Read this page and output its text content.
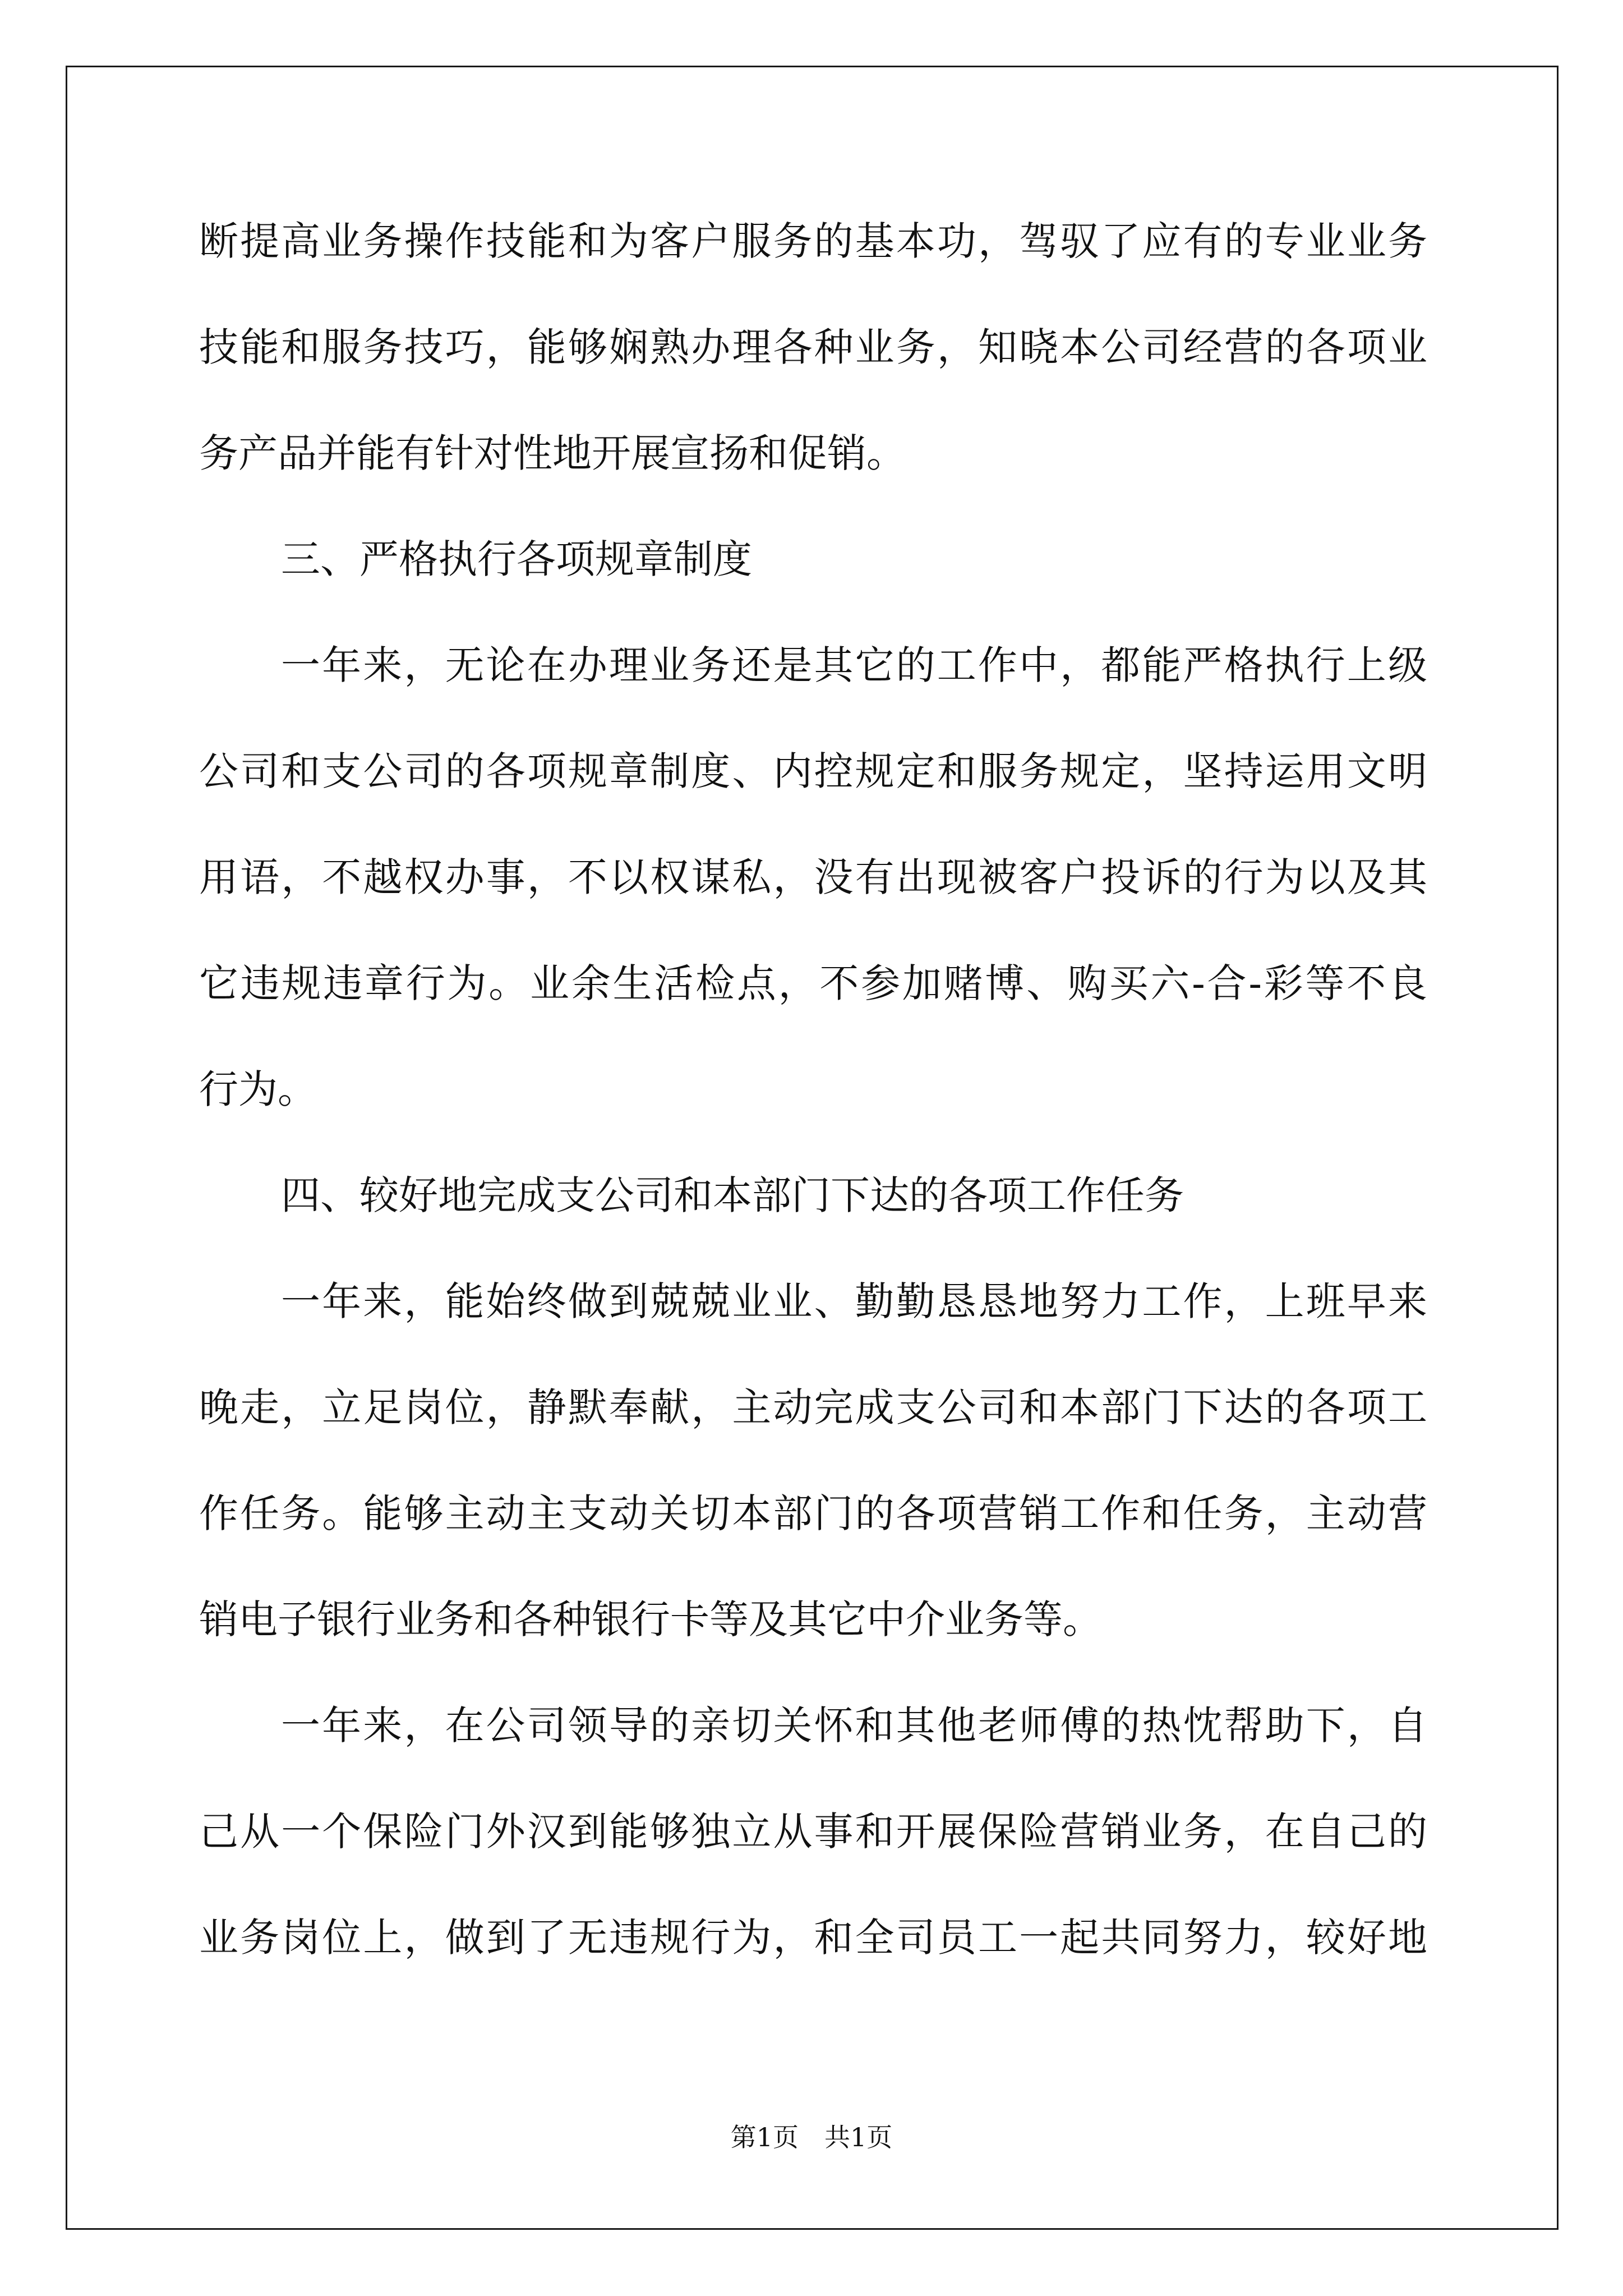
断提高业务操作技能和为客户服务的基本功，驾驭了应有的专业业务
技能和服务技巧，能够娴熟办理各种业务，知晓本公司经营的各项业
务产品并能有针对性地开展宣扬和促销。
三、严格执行各项规章制度
一年来，无论在办理业务还是其它的工作中，都能严格执行上级
公司和支公司的各项规章制度、内控规定和服务规定，坚持运用文明
用语，不越权办事，不以权谋私，没有出现被客户投诉的行为以及其
它违规违章行为。业余生活检点，不参加赌博、购买六-合-彩等不良
行为。
四、较好地完成支公司和本部门下达的各项工作任务
一年来，能始终做到兢兢业业、勤勤恳恳地努力工作，上班早来
晚走，立足岗位，静默奉献，主动完成支公司和本部门下达的各项工
作任务。能够主动主支动关切本部门的各项营销工作和任务，主动营
销电子银行业务和各种银行卡等及其它中介业务等。
一年来，在公司领导的亲切关怀和其他老师傅的热忱帮助下，自
己从一个保险门外汉到能够独立从事和开展保险营销业务，在自己的
业务岗位上，做到了无违规行为，和全司员工一起共同努力，较好地
第1页　共1页
